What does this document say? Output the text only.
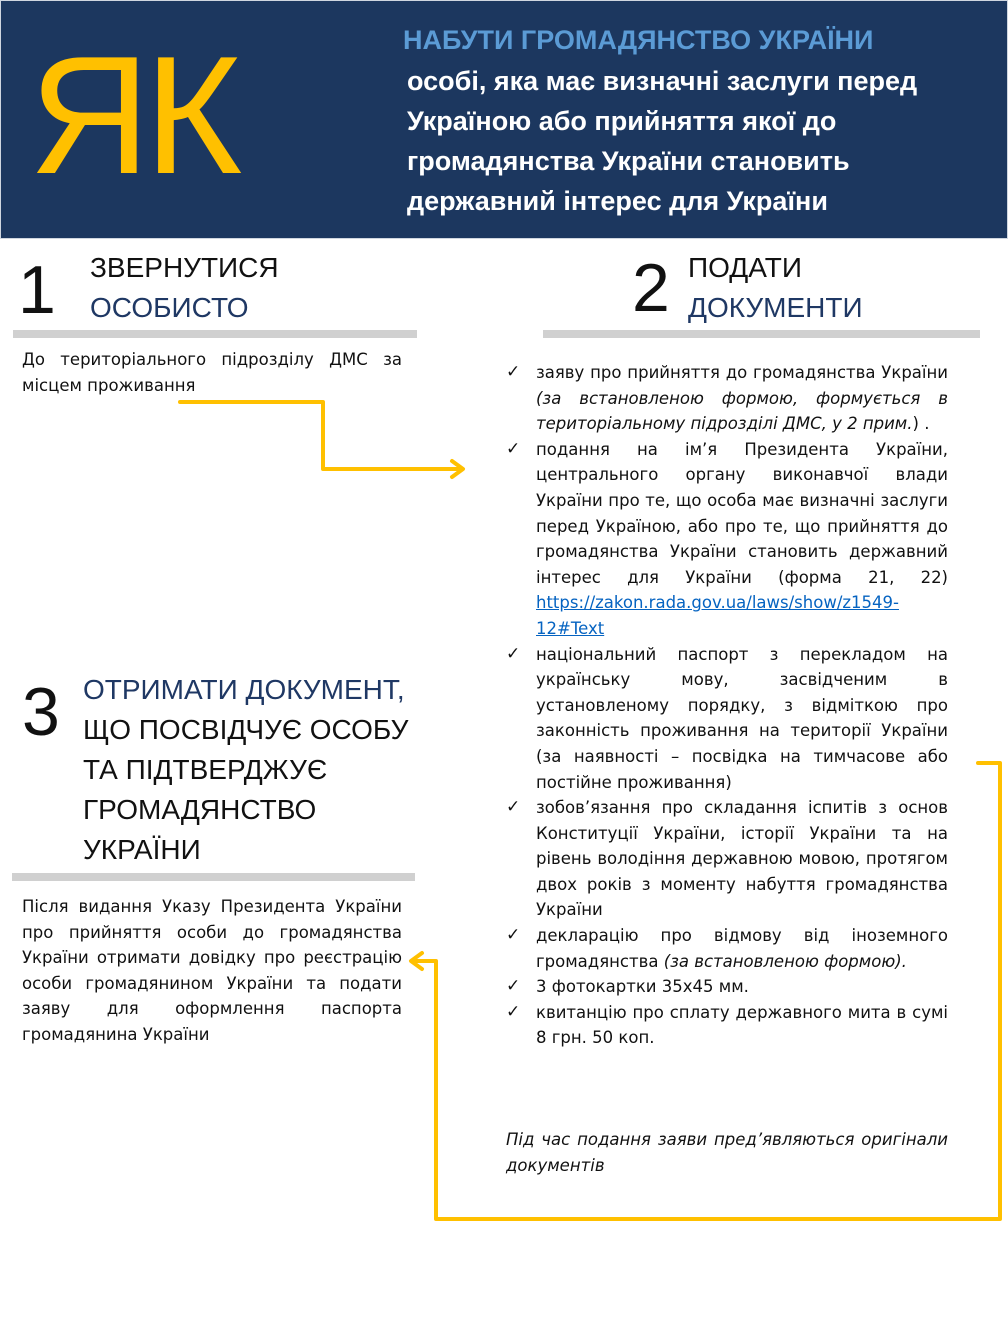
ЯК	НАБУТИ ГРОМАДЯНСТВО УКРАЇНИ
особі, яка має визначні заслуги перед Україною або прийняття якої до громадянства України становить державний інтерес для України
1 ЗВЕРНУТИСЯ
ОСОБИСТО
До територіального підрозділу ДМС за місцем проживання
2 ПОДАТИ
ДОКУМЕНТИ
✓ заяву про прийняття до громадянства України (за встановленою формою, формується в територіальному підрозділі ДМС, у 2 прим.) .
✓ подання на ім’я Президента України, центрального органу виконавчої влади України про те, що особа має визначні заслуги перед Україною, або про те, що прийняття до громадянства України становить державний інтерес для України (форма 21, 22) https://zakon.rada.gov.ua/laws/show/z1549-12#Text
✓ національний паспорт з перекладом на українську мову, засвідченим в установленому порядку, з відміткою про законність проживання на території України (за наявності – посвідка на тимчасове або постійне проживання)
✓ зобов’язання про складання іспитів з основ Конституції України, історії України та на рівень володіння державною мовою, протягом двох років з моменту набуття громадянства України
✓ декларацію про відмову від іноземного громадянства (за встановленою формою).
✓ 3 фотокартки 35х45 мм.
✓ квитанцію про сплату державного мита в сумі 8 грн. 50 коп.
Під час подання заяви пред’являються оригінали документів
3 ОТРИМАТИ ДОКУМЕНТ,
ЩО ПОСВІДЧУЄ ОСОБУ ТА ПІДТВЕРДЖУЄ ГРОМАДЯНСТВО УКРАЇНИ
Після видання Указу Президента України про прийняття особи до громадянства України отримати довідку про реєстрацію особи громадянином України та подати заяву для оформлення паспорта громадянина України
